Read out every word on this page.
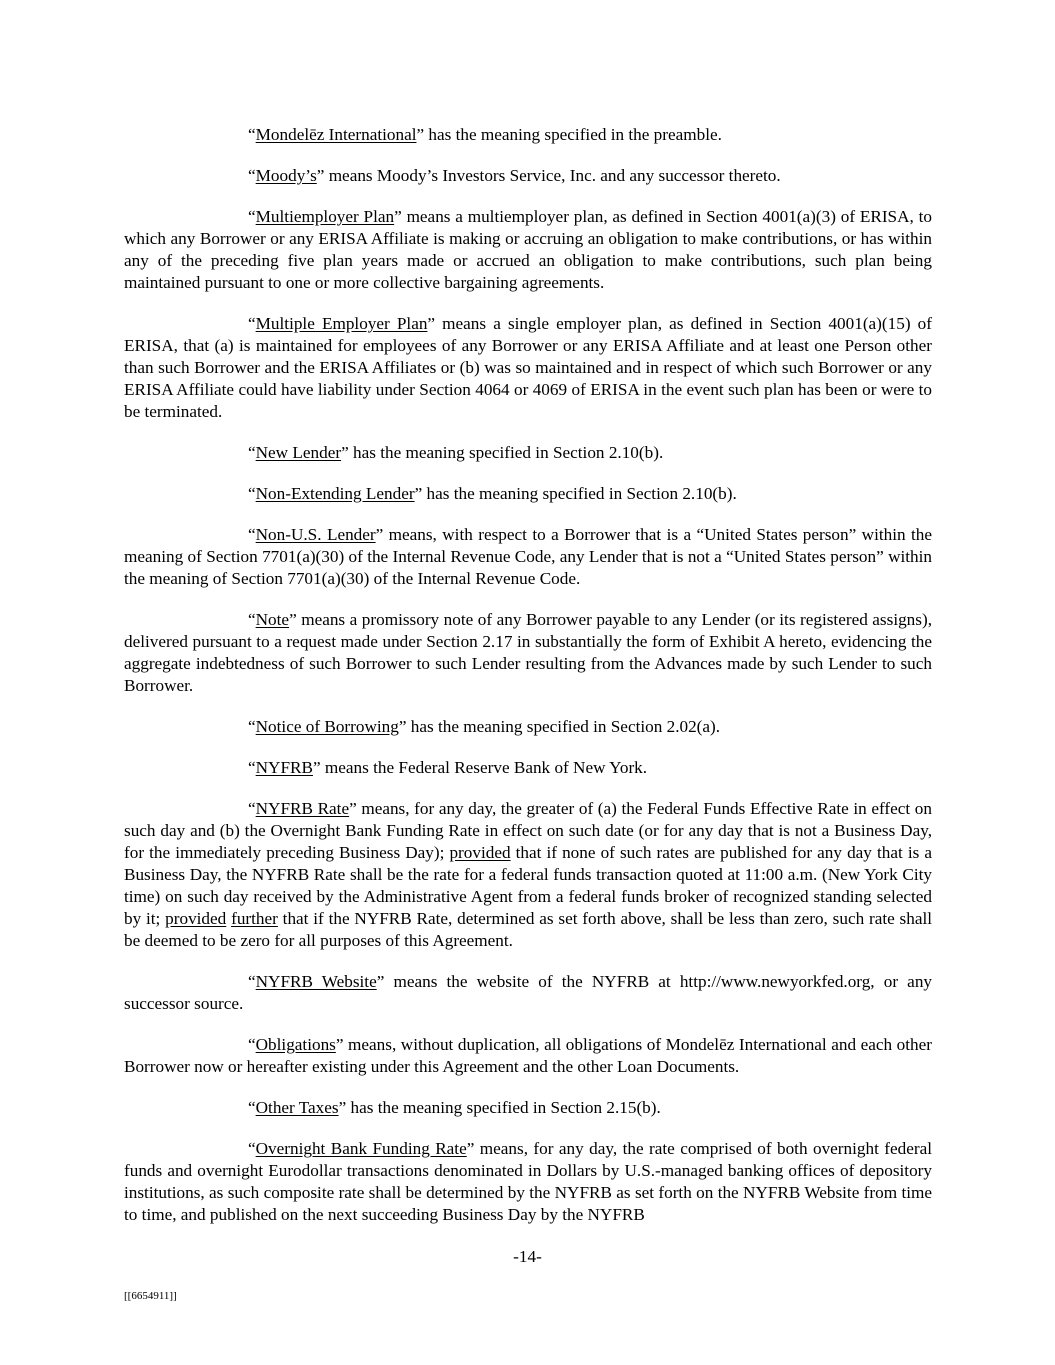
“Mondelēz International” has the meaning specified in the preamble.

“Moody’s” means Moody’s Investors Service, Inc. and any successor thereto.

“Multiemployer Plan” means a multiemployer plan, as defined in Section 4001(a)(3) of ERISA, to which any Borrower or any ERISA Affiliate is making or accruing an obligation to make contributions, or has within any of the preceding five plan years made or accrued an obligation to make contributions, such plan being maintained pursuant to one or more collective bargaining agreements.

“Multiple Employer Plan” means a single employer plan, as defined in Section 4001(a)(15) of ERISA, that (a) is maintained for employees of any Borrower or any ERISA Affiliate and at least one Person other than such Borrower and the ERISA Affiliates or (b) was so maintained and in respect of which such Borrower or any ERISA Affiliate could have liability under Section 4064 or 4069 of ERISA in the event such plan has been or were to be terminated.

“New Lender” has the meaning specified in Section 2.10(b).

“Non-Extending Lender” has the meaning specified in Section 2.10(b).

“Non-U.S. Lender” means, with respect to a Borrower that is a “United States person” within the meaning of Section 7701(a)(30) of the Internal Revenue Code, any Lender that is not a “United States person” within the meaning of Section 7701(a)(30) of the Internal Revenue Code.

“Note” means a promissory note of any Borrower payable to any Lender (or its registered assigns), delivered pursuant to a request made under Section 2.17 in substantially the form of Exhibit A hereto, evidencing the aggregate indebtedness of such Borrower to such Lender resulting from the Advances made by such Lender to such Borrower.

“Notice of Borrowing” has the meaning specified in Section 2.02(a).

“NYFRB” means the Federal Reserve Bank of New York.

“NYFRB Rate” means, for any day, the greater of (a) the Federal Funds Effective Rate in effect on such day and (b) the Overnight Bank Funding Rate in effect on such date (or for any day that is not a Business Day, for the immediately preceding Business Day); provided that if none of such rates are published for any day that is a Business Day, the NYFRB Rate shall be the rate for a federal funds transaction quoted at 11:00 a.m. (New York City time) on such day received by the Administrative Agent from a federal funds broker of recognized standing selected by it; provided further that if the NYFRB Rate, determined as set forth above, shall be less than zero, such rate shall be deemed to be zero for all purposes of this Agreement.

“NYFRB Website” means the website of the NYFRB at http://www.newyorkfed.org, or any successor source.

“Obligations” means, without duplication, all obligations of Mondelēz International and each other Borrower now or hereafter existing under this Agreement and the other Loan Documents.

“Other Taxes” has the meaning specified in Section 2.15(b).

“Overnight Bank Funding Rate” means, for any day, the rate comprised of both overnight federal funds and overnight Eurodollar transactions denominated in Dollars by U.S.-managed banking offices of depository institutions, as such composite rate shall be determined by the NYFRB as set forth on the NYFRB Website from time to time, and published on the next succeeding Business Day by the NYFRB

-14-
[[6654911]]
